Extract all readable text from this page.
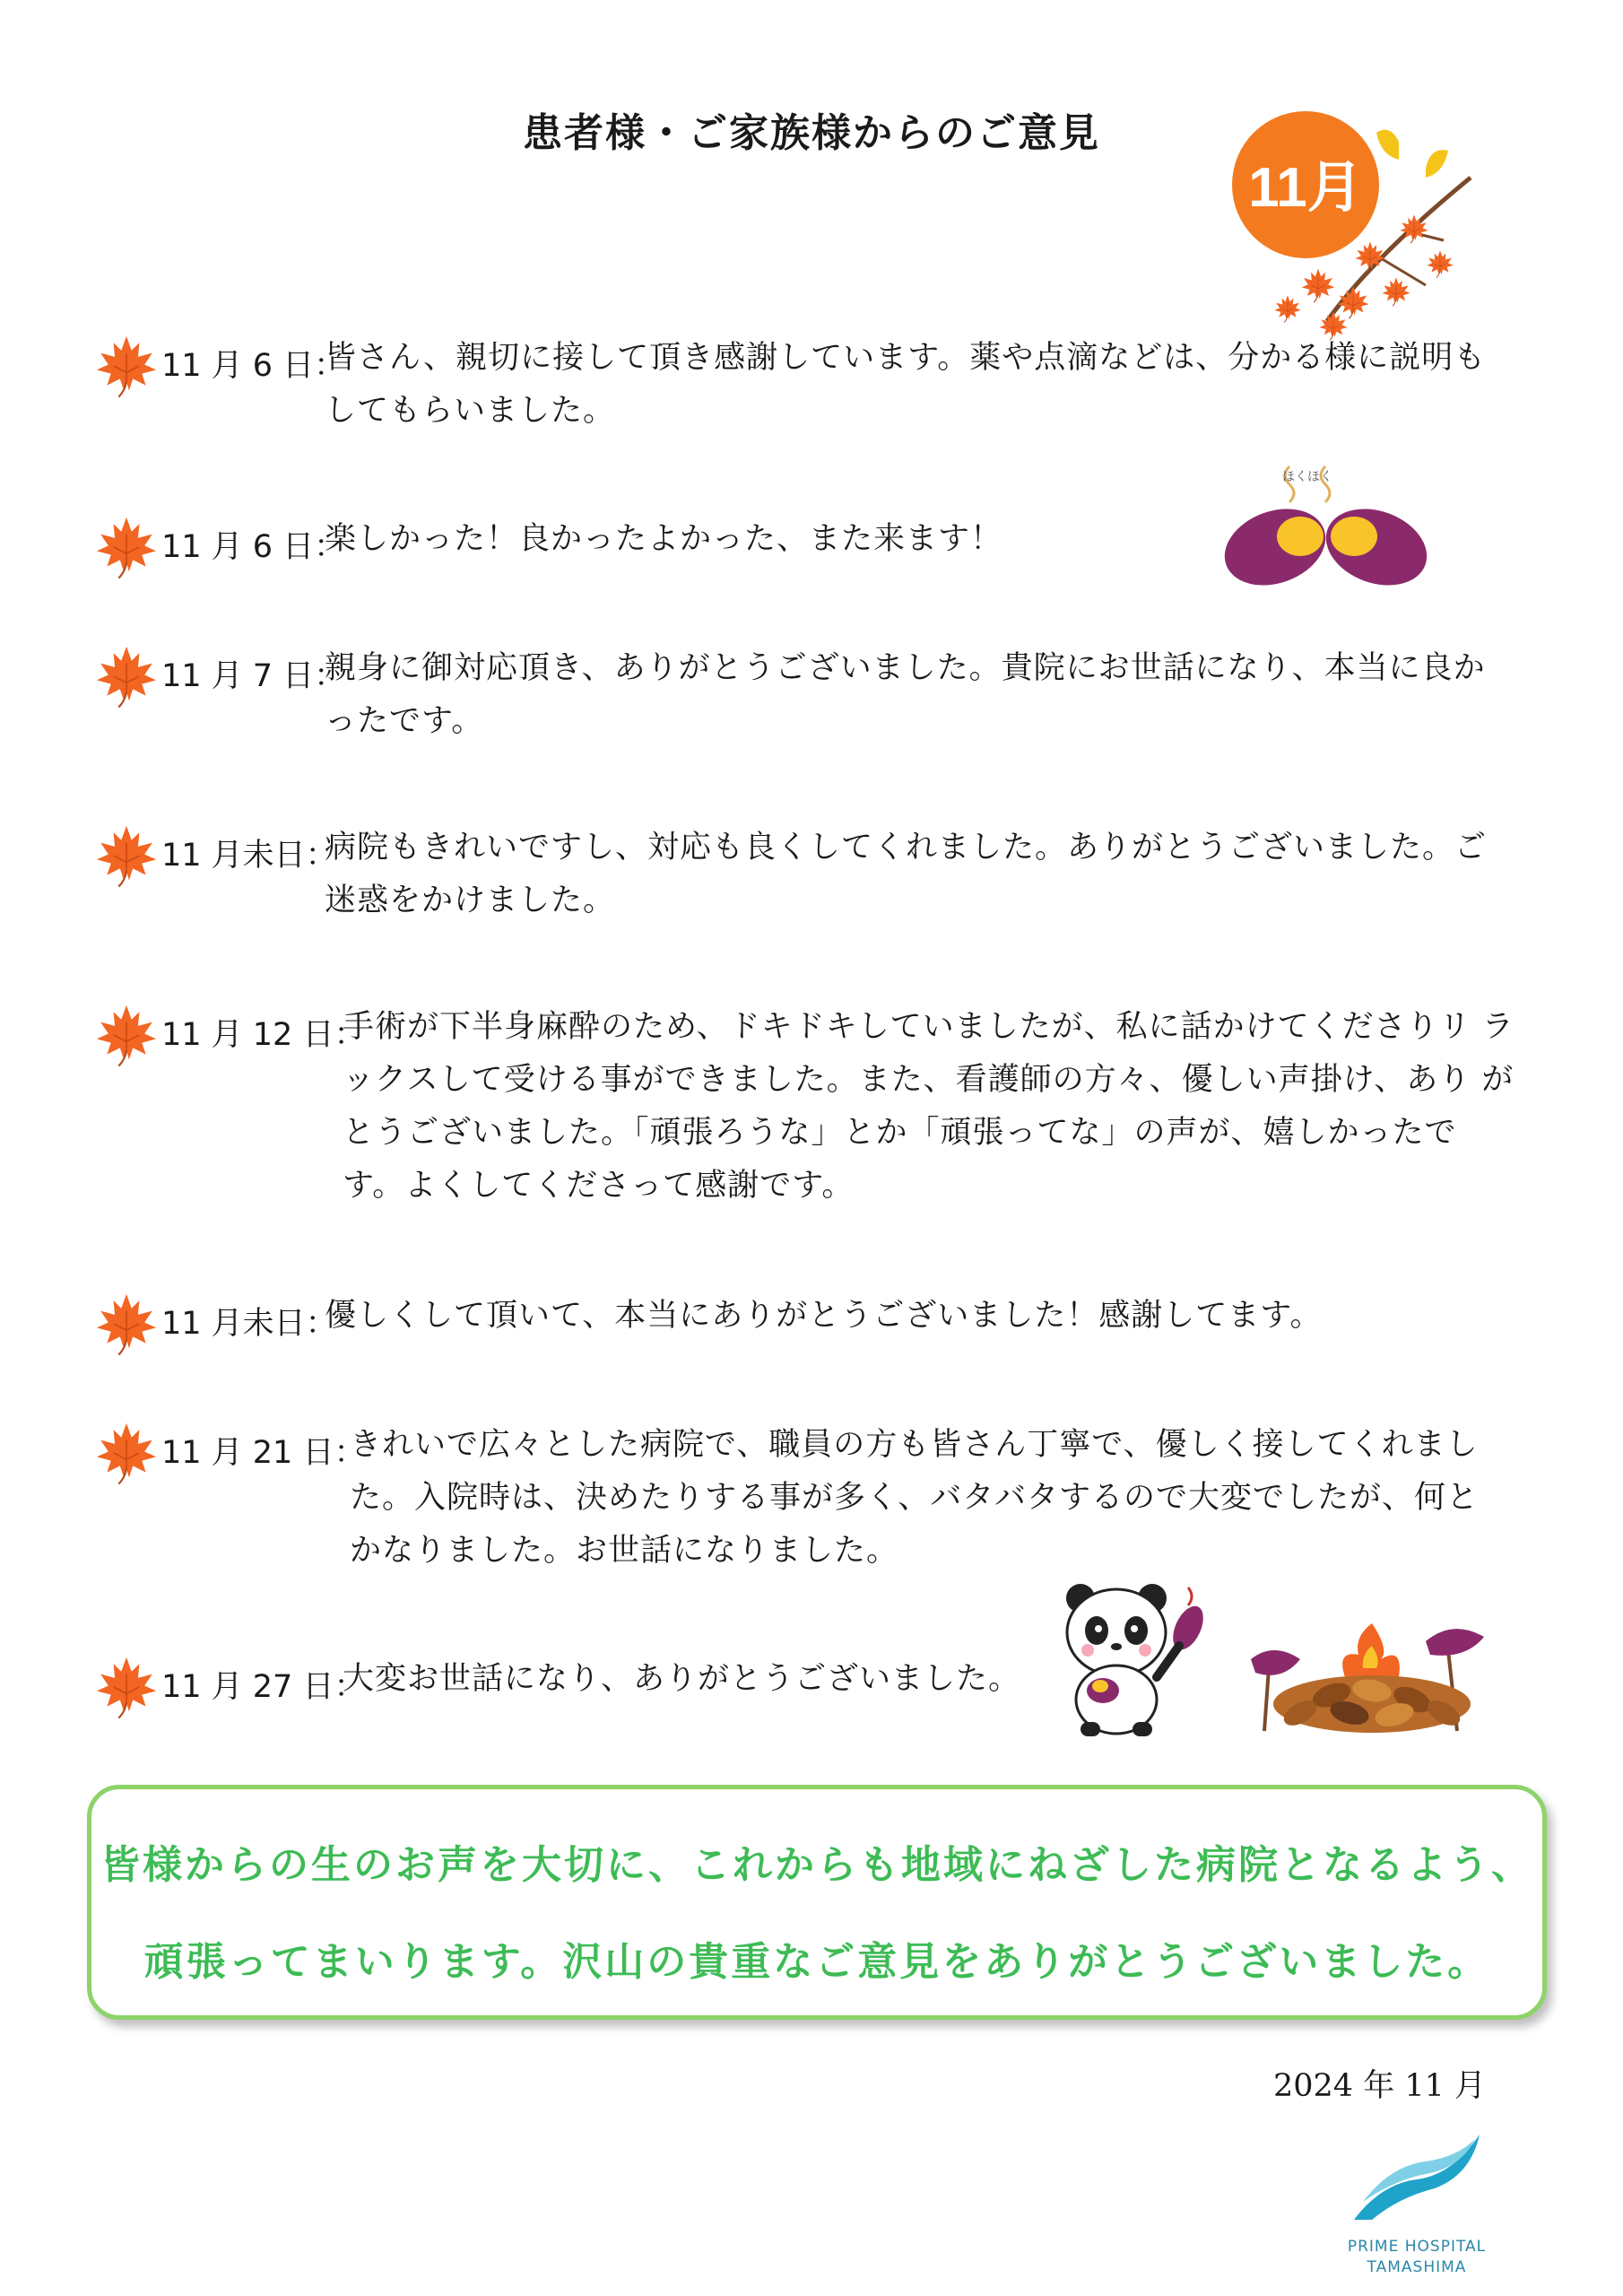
患者様・ご家族様からのご意見
11月
11 月 6 日：
皆さん、親切に接して頂き感謝しています。薬や点滴などは、分かる様に説明も してもらいました。
11 月 6 日：
楽しかった！良かったよかった、また来ます！
ほくほく
11 月 7 日：
親身に御対応頂き、ありがとうございました。貴院にお世話になり、本当に良か ったです。
11 月未日：
病院もきれいですし、対応も良くしてくれました。ありがとうございました。ご 迷惑をかけました。
11 月 12 日：
手術が下半身麻酔のため、ドキドキしていましたが、私に話かけてくださりリ ラックスして受ける事ができました。また、看護師の方々、優しい声掛け、あり がとうございました。「頑張ろうな」とか「頑張ってな」の声が、嬉しかったで す。よくしてくださって感謝です。
11 月未日：
優しくして頂いて、本当にありがとうございました！感謝してます。
11 月 21 日：
きれいで広々とした病院で、職員の方も皆さん丁寧で、優しく接してくれまし た。入院時は、決めたりする事が多く、バタバタするので大変でしたが、何と かなりました。お世話になりました。
11 月 27 日：
大変お世話になり、ありがとうございました。

皆様からの生のお声を大切に、これからも地域にねざした病院となるよう、

頑張ってまいります。沢山の貴重なご意見をありがとうございました。

2024 年 11 月
PRIME HOSPITAL
TAMASHIMA
